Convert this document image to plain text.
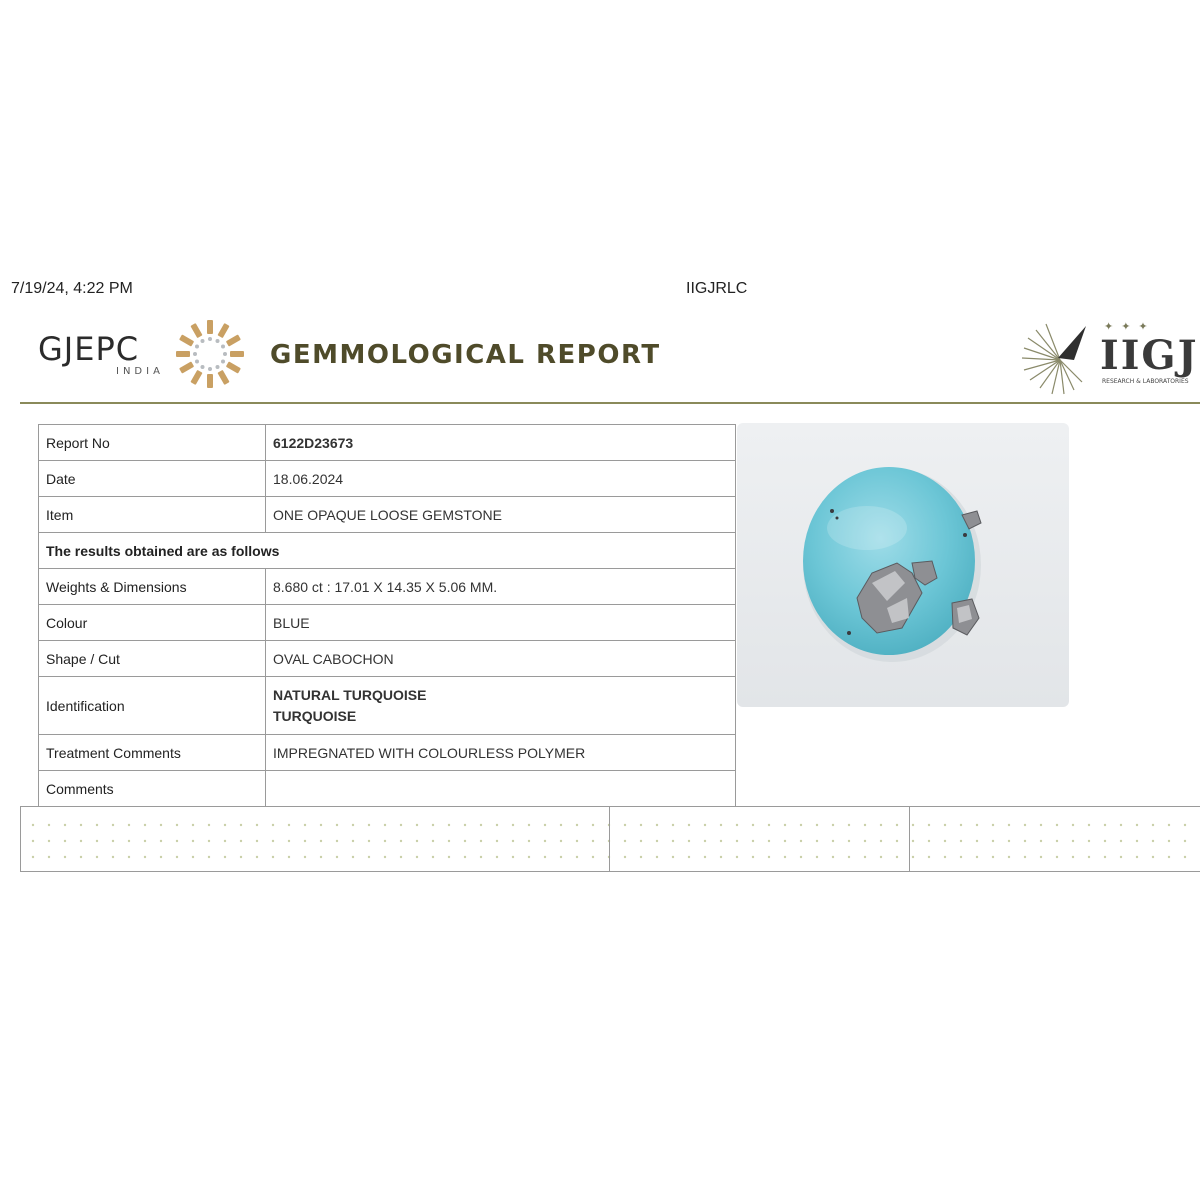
7/19/24, 4:22 PM	IIGJRLC
GJEPC
INDIA
GEMMOLOGICAL REPORT
✦✦✦
IIGJ
RESEARCH & LABORATORIES
Report No	6122D23673
Date	18.06.2024
Item	ONE OPAQUE LOOSE GEMSTONE
The results obtained are as follows	
Weights & Dimensions	8.680 ct : 17.01 X 14.35 X 5.06 MM.
Colour	BLUE
Shape / Cut	OVAL CABOCHON
Identification	NATURAL TURQUOISE
TURQUOISE

Treatment Comments	IMPREGNATED WITH COLOURLESS POLYMER
Comments	
